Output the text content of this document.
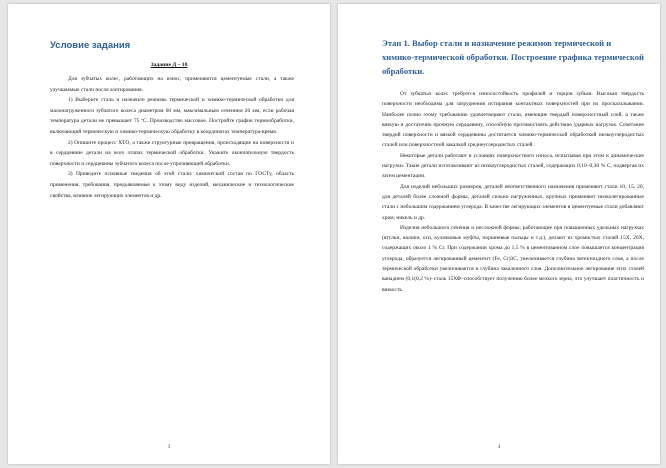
Условие задания
Задание Д – 18

Для зубчатых колес, работающих на износ, применяются цементуемые стали, а также улучшаемые стали после азотирования.

1) Выберите сталь и назначьте режимы термической и химико-термической обработки для малонагруженного зубчатого колеса диаметром 60 мм, максимальным сечением 20 мм, если рабочая температура детали не превышает 75 ºС. Производство массовое. Постройте график термообработки, включающий термическую и химико-термическую обработку в координатах температура-время.

2) Опишите процесс ХТО, а также структурные превращения, происходящие на поверхности и в сердцевине детали на всех этапах термической обработки. Укажите окончательную твердость поверхности и сердцевины зубчатого колеса после упрочняющей обработки.

3) Приведите основные сведения об этой стали: химический состав по ГОСТу, область применения, требования, предъявляемые к этому виду изделий, механические и технологические свойства, влияние легирующих элементов и др.

3
Этап 1. Выбор стали и назначение режимов термической и химико-термической обработки. Построение графика термической обработки.

От зубчатых колес требуется износостойкость профилей и торцов зубьев. Высокая твердость поверхности необходима для затруднения истирания контактных поверхностей при их проскальзывании. Наиболее полно этому требованию удовлетворяют стали, имеющие твердый поверхностный слой, а также вязкую и достаточно прочную сердцевину, способную противостоять действию ударных нагрузок. Сочетание твердой поверхности и вязкой сердцевины достигается химико-термической обработкой низкоуглеродистых сталей или поверхностной закалкой среднеуглеродистых сталей.

Некоторые детали работают в условиях поверхностного износа, испытывая при этом и динамические нагрузки. Такие детали изготавливают из низкоуглеродистых сталей, содержащих 0,10–0,30 % С, подвергая их затем цементации.

Для изделий небольших размеров, деталей неответственного назначения применяют стали 10, 15, 20, для деталей более сложной формы, деталей сильно нагруженных, крупных применяют низколегированные стали с небольшим содержанием углерода. В качестве легирующих элементов в цементуемые стали добавляют хром, никель и др.

Изделия небольшого сечения и несложной формы, работающие при повышенных удельных нагрузках (втулки, валики, оси, кулачковые муфты, поршневые пальцы и т.д.), делают из хромистых сталей 15Х, 20Х, содержащих около 1 % Cr. При содержании хрома до 1,5 % в цементованном слое повышается концентрация углерода, образуется легированный цементит (Fe, Cr)3C, увеличивается глубина эвтектоидного слоя, а после термической обработки увеличивается и глубина закаленного слоя. Дополнительное легирование этих сталей ванадием (0,1(0,2 %)–сталь 15ХФ–способствует получению более мелкого зерна, что улучшает пластичность и вязкость.

4
